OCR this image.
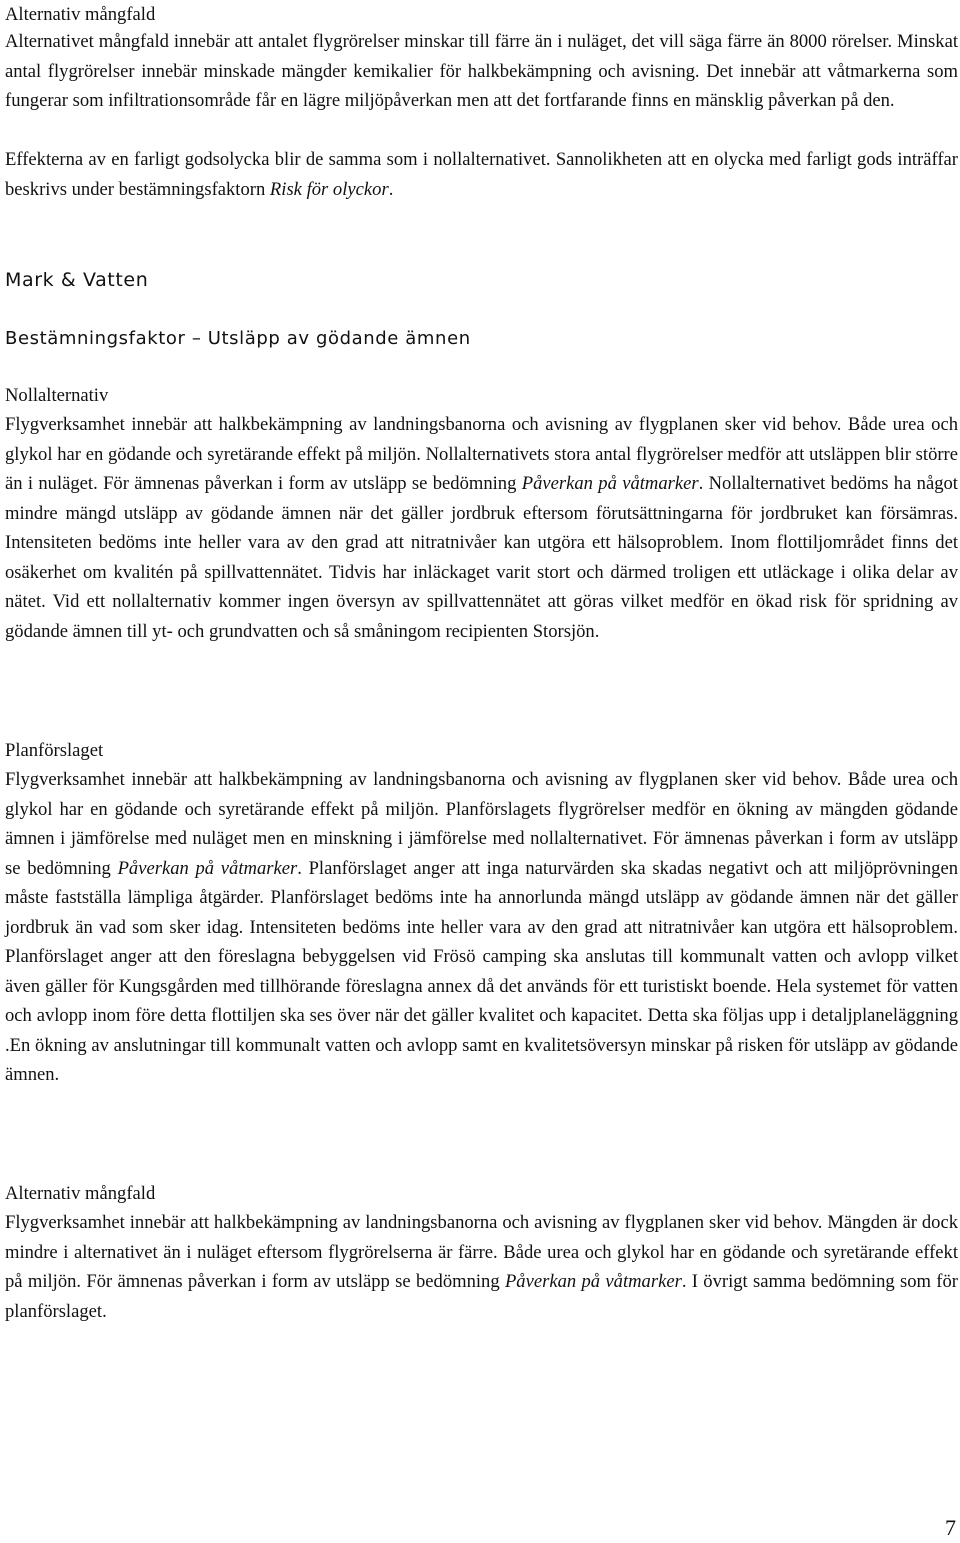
Alternativ mångfald

Alternativet mångfald innebär att antalet flygrörelser minskar till färre än i nuläget, det vill säga färre än 8000 rörelser. Minskat antal flygrörelser innebär minskade mängder kemikalier för halkbekämpning och avisning. Det innebär att våtmarkerna som fungerar som infiltrationsområde får en lägre miljöpåverkan men att det fortfarande finns en mänsklig påverkan på den.

Effekterna av en farligt godsolycka blir de samma som i nollalternativet. Sannolikheten att en olycka med farligt gods inträffar beskrivs under bestämningsfaktorn Risk för olyckor.

Mark & Vatten
Bestämningsfaktor – Utsläpp av gödande ämnen

Nollalternativ

Flygverksamhet innebär att halkbekämpning av landningsbanorna och avisning av flygplanen sker vid behov. Både urea och glykol har en gödande och syretärande effekt på miljön. Nollalternativets stora antal flygrörelser medför att utsläppen blir större än i nuläget. För ämnenas påverkan i form av utsläpp se bedömning Påverkan på våtmarker. Nollalternativet bedöms ha något mindre mängd utsläpp av gödande ämnen när det gäller jordbruk eftersom förutsättningarna för jordbruket kan försämras. Intensiteten bedöms inte heller vara av den grad att nitratnivåer kan utgöra ett hälsoproblem. Inom flottiljområdet finns det osäkerhet om kvalitén på spillvattennätet. Tidvis har inläckaget varit stort och därmed troligen ett utläckage i olika delar av nätet. Vid ett nollalternativ kommer ingen översyn av spillvattennätet att göras vilket medför en ökad risk för spridning av gödande ämnen till yt- och grundvatten och så småningom recipienten Storsjön.

Planförslaget

Flygverksamhet innebär att halkbekämpning av landningsbanorna och avisning av flygplanen sker vid behov. Både urea och glykol har en gödande och syretärande effekt på miljön. Planförslagets flygrörelser medför en ökning av mängden gödande ämnen i jämförelse med nuläget men en minskning i jämförelse med nollalternativet. För ämnenas påverkan i form av utsläpp se bedömning Påverkan på våtmarker. Planförslaget anger att inga naturvärden ska skadas negativt och att miljöprövningen måste fastställa lämpliga åtgärder. Planförslaget bedöms inte ha annorlunda mängd utsläpp av gödande ämnen när det gäller jordbruk än vad som sker idag. Intensiteten bedöms inte heller vara av den grad att nitratnivåer kan utgöra ett hälsoproblem. Planförslaget anger att den föreslagna bebyggelsen vid Frösö camping ska anslutas till kommunalt vatten och avlopp vilket även gäller för Kungsgården med tillhörande föreslagna annex då det används för ett turistiskt boende. Hela systemet för vatten och avlopp inom före detta flottiljen ska ses över när det gäller kvalitet och kapacitet. Detta ska följas upp i detaljplaneläggning .En ökning av anslutningar till kommunalt vatten och avlopp samt en kvalitetsöversyn minskar på risken för utsläpp av gödande ämnen.

Alternativ mångfald

Flygverksamhet innebär att halkbekämpning av landningsbanorna och avisning av flygplanen sker vid behov. Mängden är dock mindre i alternativet än i nuläget eftersom flygrörelserna är färre. Både urea och glykol har en gödande och syretärande effekt på miljön. För ämnenas påverkan i form av utsläpp se bedömning Påverkan på våtmarker. I övrigt samma bedömning som för planförslaget.

7
